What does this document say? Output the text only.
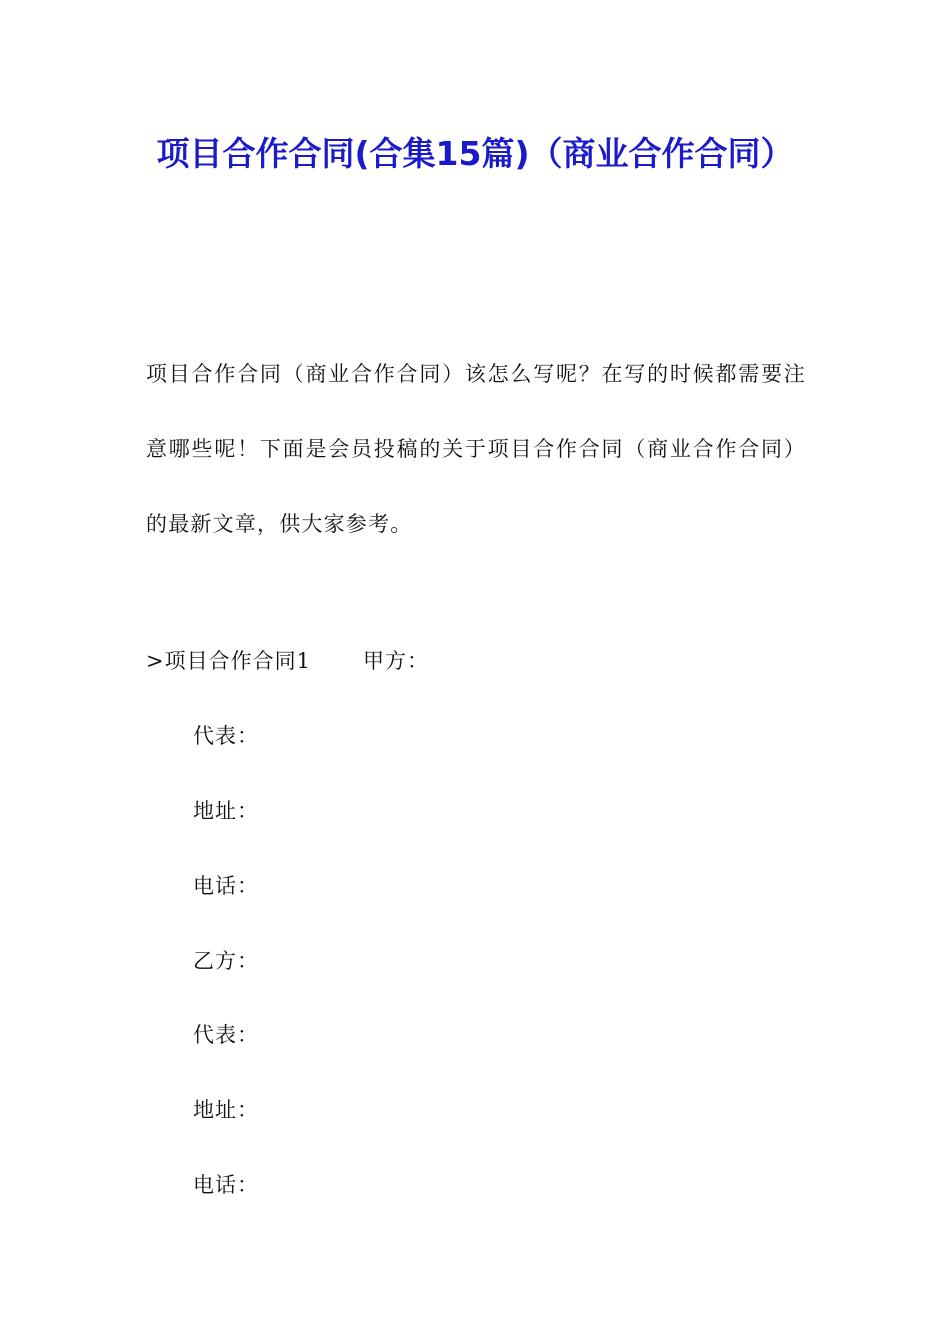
项目合作合同(合集15篇)（商业合作合同）

项目合作合同（商业合作合同）该怎么写呢？在写的时候都需要注意哪些呢！下面是会员投稿的关于项目合作合同（商业合作合同）的最新文章，供大家参考。

>项目合作合同1 甲方：
代表：
地址：
电话：
乙方：
代表：
地址：
电话：
